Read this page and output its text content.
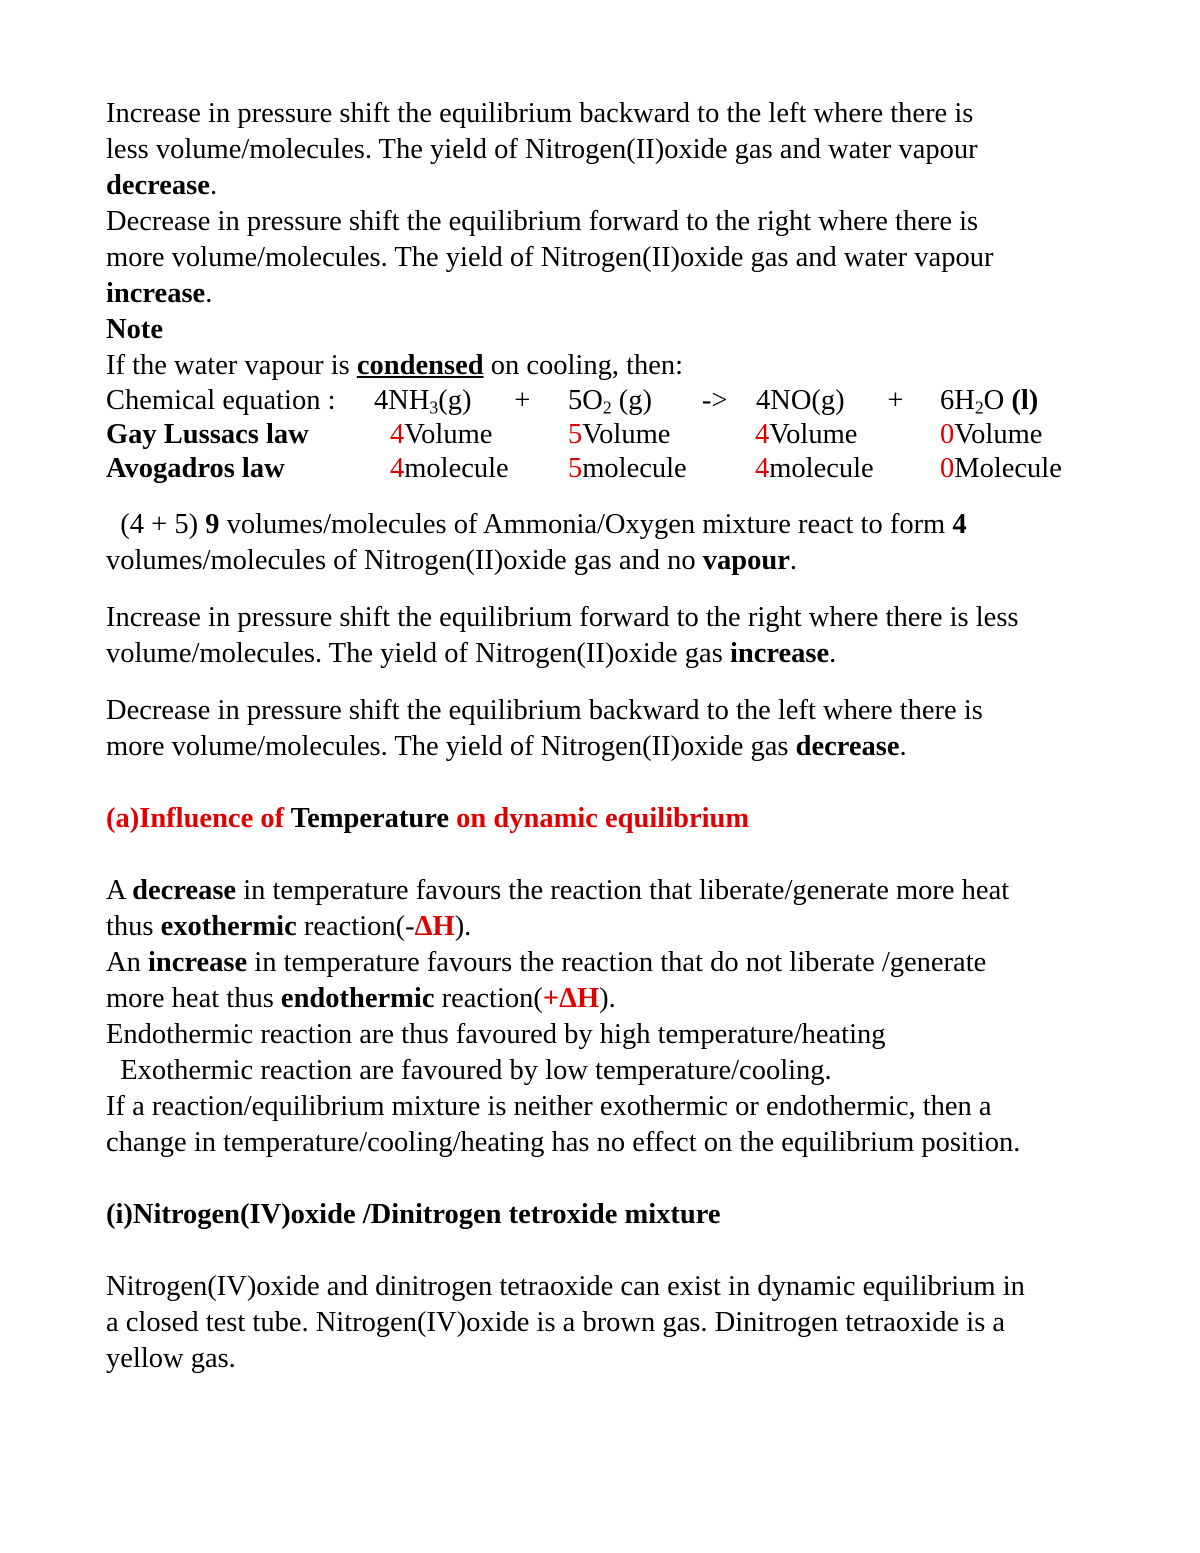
Increase in pressure shift the equilibrium backward to the left where there is
less volume/molecules. The yield of Nitrogen(II)oxide gas and water vapour
decrease.
Decrease in pressure shift the equilibrium forward to the right where there is
more volume/molecules. The yield of Nitrogen(II)oxide gas and water vapour
increase.
Note
If the water vapour is condensed on cooling, then:
Chemical equation :	$4NH_3(g)$ +	$5O_2$ (g) ->	4NO(g) +	$6H_2O$ (l)
Gay Lussacs law	4Volume	5Volume	4Volume	0Volume
Avogadros law	4molecule	5molecule	4molecule	0Molecule
(4 + 5) 9 volumes/molecules of Ammonia/Oxygen mixture react to form 4
volumes/molecules of Nitrogen(II)oxide gas and no vapour.
Increase in pressure shift the equilibrium forward to the right where there is less
volume/molecules. The yield of Nitrogen(II)oxide gas increase.
Decrease in pressure shift the equilibrium backward to the left where there is
more volume/molecules. The yield of Nitrogen(II)oxide gas decrease.
(a)Influence of Temperature on dynamic equilibrium
A decrease in temperature favours the reaction that liberate/generate more heat
thus exothermic reaction(-ΔH).
An increase in temperature favours the reaction that do not liberate /generate
more heat thus endothermic reaction(+ΔH).
Endothermic reaction are thus favoured by high temperature/heating
Exothermic reaction are favoured by low temperature/cooling.
If a reaction/equilibrium mixture is neither exothermic or endothermic, then a
change in temperature/cooling/heating has no effect on the equilibrium position.
(i)Nitrogen(IV)oxide /Dinitrogen tetroxide mixture
Nitrogen(IV)oxide and dinitrogen tetraoxide can exist in dynamic equilibrium in
a closed test tube. Nitrogen(IV)oxide is a brown gas. Dinitrogen tetraoxide is a
yellow gas.
